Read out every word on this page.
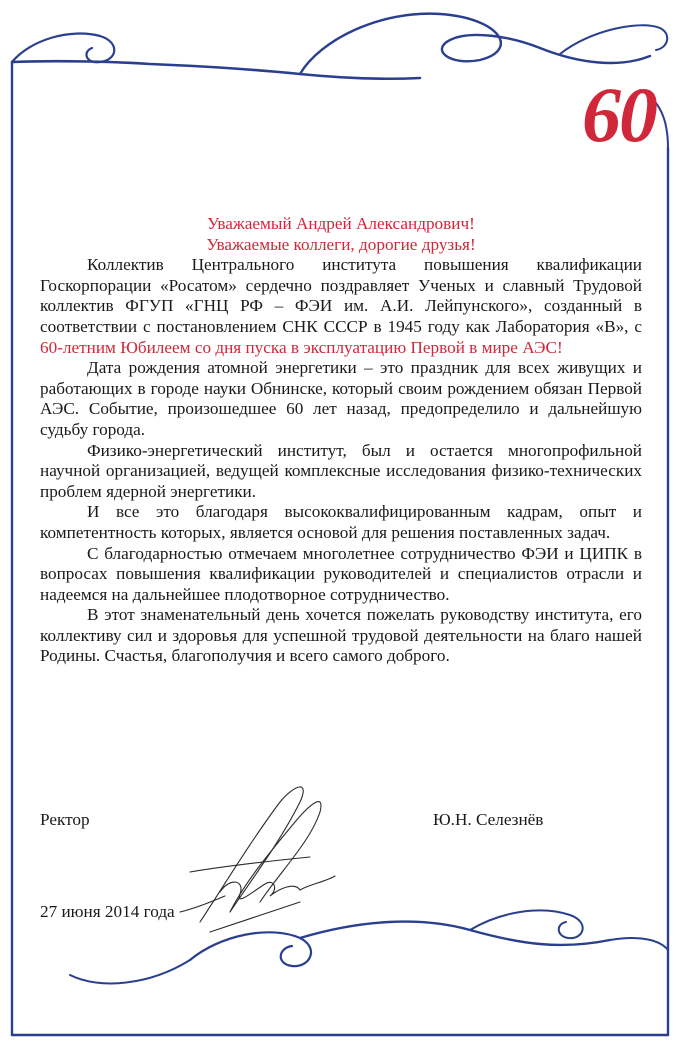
60
Уважаемый Андрей Александрович!
Уважаемые коллеги, дорогие друзья!

Коллектив Центрального института повышения квалификации Госкорпорации «Росатом» сердечно поздравляет Ученых и славный Трудовой коллектив ФГУП «ГНЦ РФ – ФЭИ им. А.И. Лейпунского», созданный в соответствии с постановлением СНК СССР в 1945 году как Лаборатория «В», с 60-летним Юбилеем со дня пуска в эксплуатацию Первой в мире АЭС!

Дата рождения атомной энергетики – это праздник для всех живущих и работающих в городе науки Обнинске, который своим рождением обязан Первой АЭС. Событие, произошедшее 60 лет назад, предопределило и дальнейшую судьбу города.

Физико-энергетический институт, был и остается многопрофильной научной организацией, ведущей комплексные исследования физико-технических проблем ядерной энергетики.

И все это благодаря высококвалифицированным кадрам, опыт и компетентность которых, является основой для решения поставленных задач.

С благодарностью отмечаем многолетнее сотрудничество ФЭИ и ЦИПК в вопросах повышения квалификации руководителей и специалистов отрасли и надеемся на дальнейшее плодотворное сотрудничество.

В этот знаменательный день хочется пожелать руководству института, его коллективу сил и здоровья для успешной трудовой деятельности на благо нашей Родины. Счастья, благополучия и всего самого доброго.

Ректор	Ю.Н. Селезнёв
27 июня 2014 года
